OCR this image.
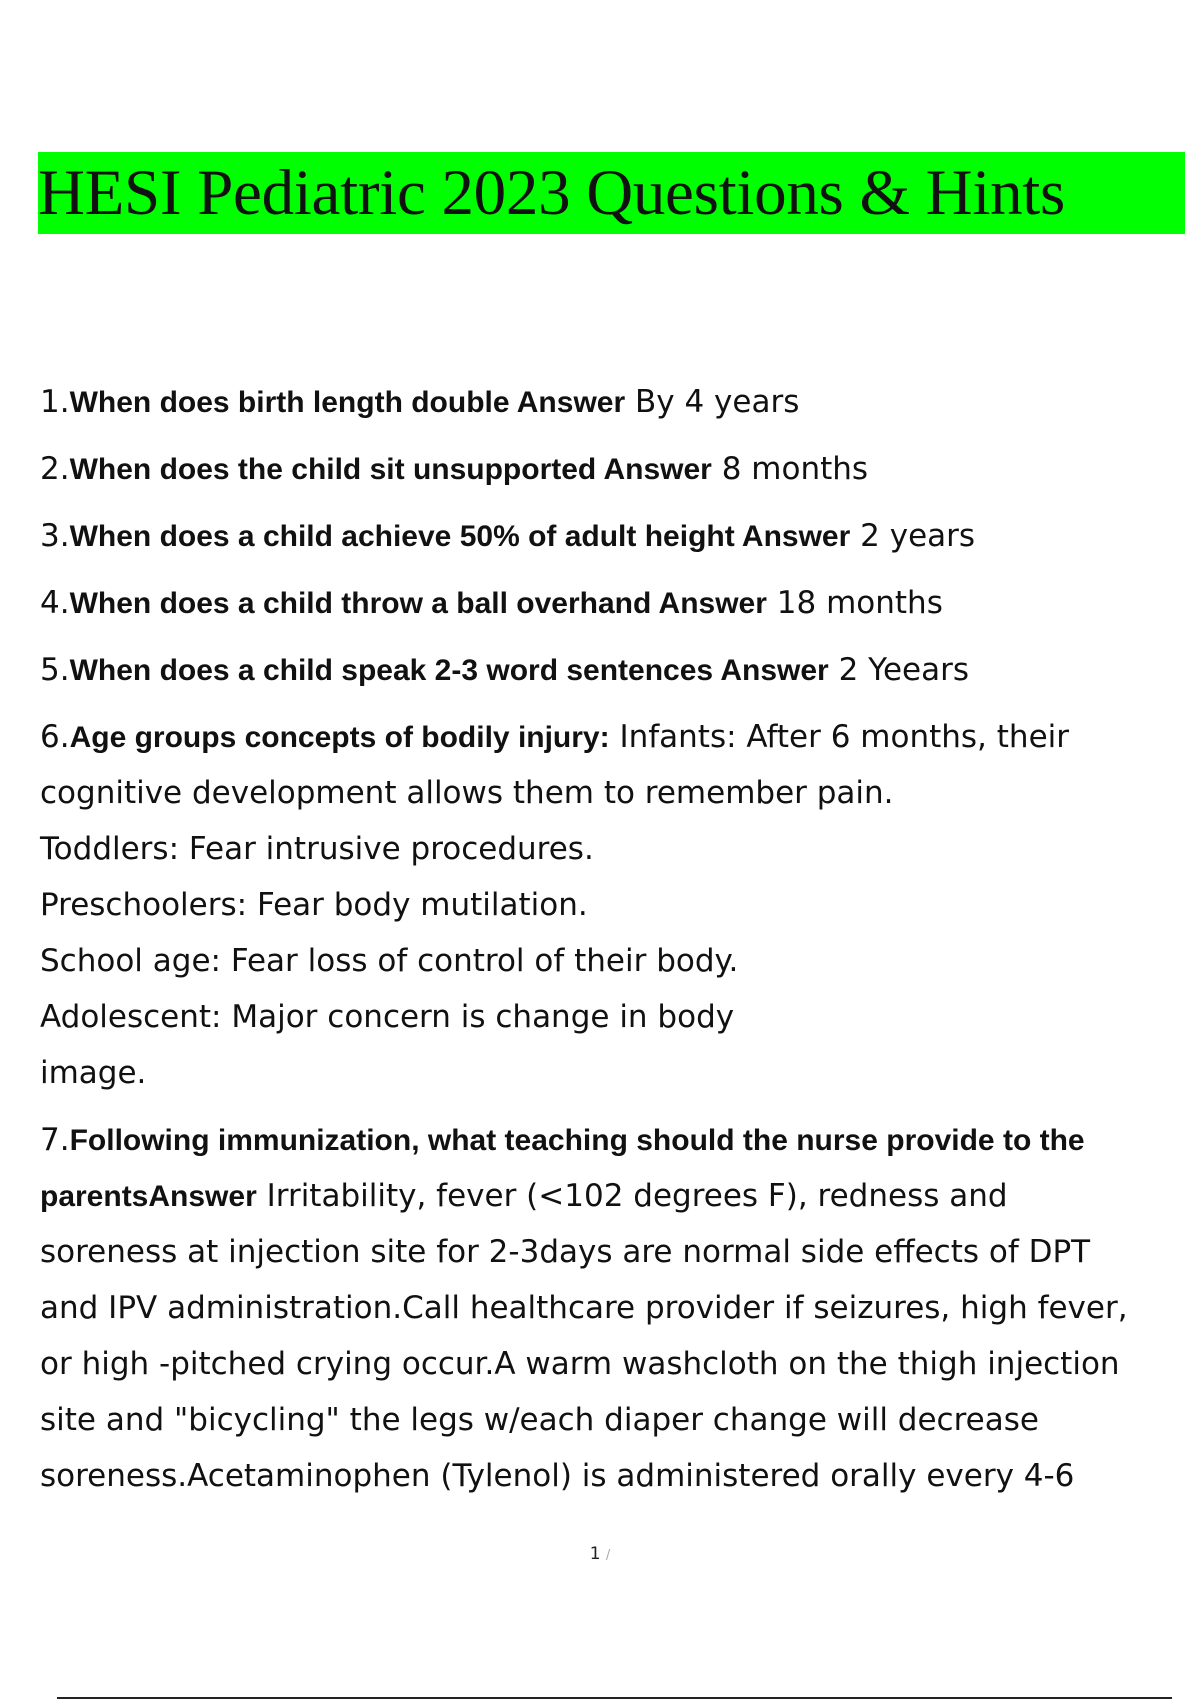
HESI Pediatric 2023 Questions & Hints
1.When does birth length double Answer By 4 years
2.When does the child sit unsupported Answer 8 months
3.When does a child achieve 50% of adult height Answer 2 years
4.When does a child throw a ball overhand Answer 18 months
5.When does a child speak 2-3 word sentences Answer 2 Yeears
6.Age groups concepts of bodily injury: Infants: After 6 months, their
cognitive development allows them to remember pain.
Toddlers: Fear intrusive procedures.
Preschoolers: Fear body mutilation.
School age: Fear loss of control of their body.
Adolescent: Major concern is change in body
image.
7.Following immunization, what teaching should the nurse provide to the
parentsAnswer Irritability, fever (<102 degrees F), redness and
soreness at injection site for 2-3days are normal side effects of DPT
and IPV administration.Call healthcare provider if seizures, high fever,
or high -pitched crying occur.A warm washcloth on the thigh injection
site and "bicycling" the legs w/each diaper change will decrease
soreness.Acetaminophen (Tylenol) is administered orally every 4-6
1 /
